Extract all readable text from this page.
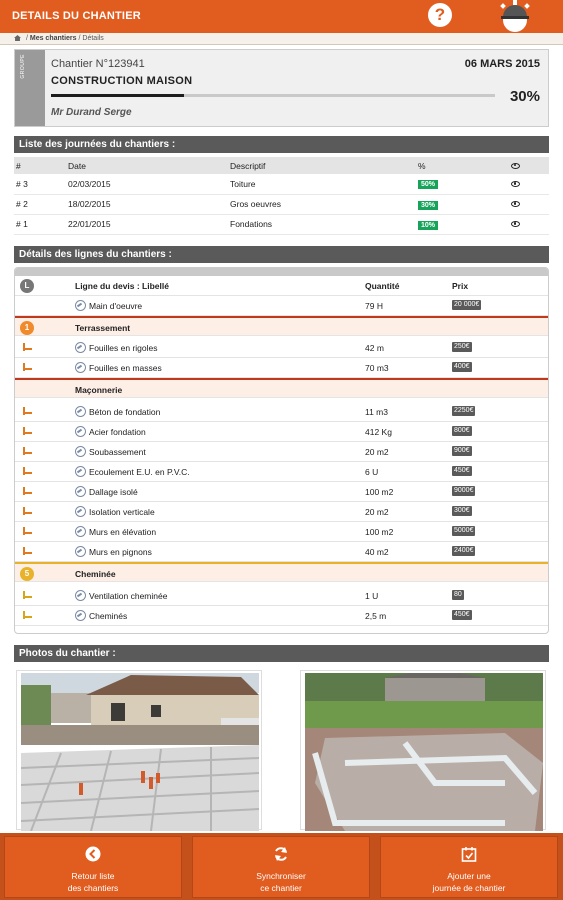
DETAILS DU CHANTIER	?
/ Mes chantiers / Détails
GROUPE Chantier N°123941	06 MARS 2015
CONSTRUCTION MAISON
30%
Mr Durand Serge
Liste des journées du chantiers :
#	Date	Descriptif	%	
# 3	02/03/2015	Toiture	50%	
# 2	18/02/2015	Gros oeuvres	30%	
# 1	22/01/2015	Fondations	10%	
Détails des lignes du chantiers :
L	Ligne du devis : Libellé	Quantité	Prix
Main d'oeuvre	79 H	20 000€
1	Terrassement
Fouilles en rigoles	42 m	250€
Fouilles en masses	70 m3	400€
Maçonnerie
Béton de fondation	11 m3	2250€
Acier fondation	412 Kg	800€
Soubassement	20 m2	900€
Ecoulement E.U. en P.V.C.	6 U	450€
Dallage isolé	100 m2	9000€
Isolation verticale	20 m2	300€
Murs en élévation	100 m2	5000€
Murs en pignons	40 m2	2400€
5	Cheminée
Ventilation cheminée	1 U	80
Cheminés	2,5 m	450€
Photos du chantier :
Retour liste
des chantiers
Synchroniser
ce chantier
Ajouter une
journée de chantier
